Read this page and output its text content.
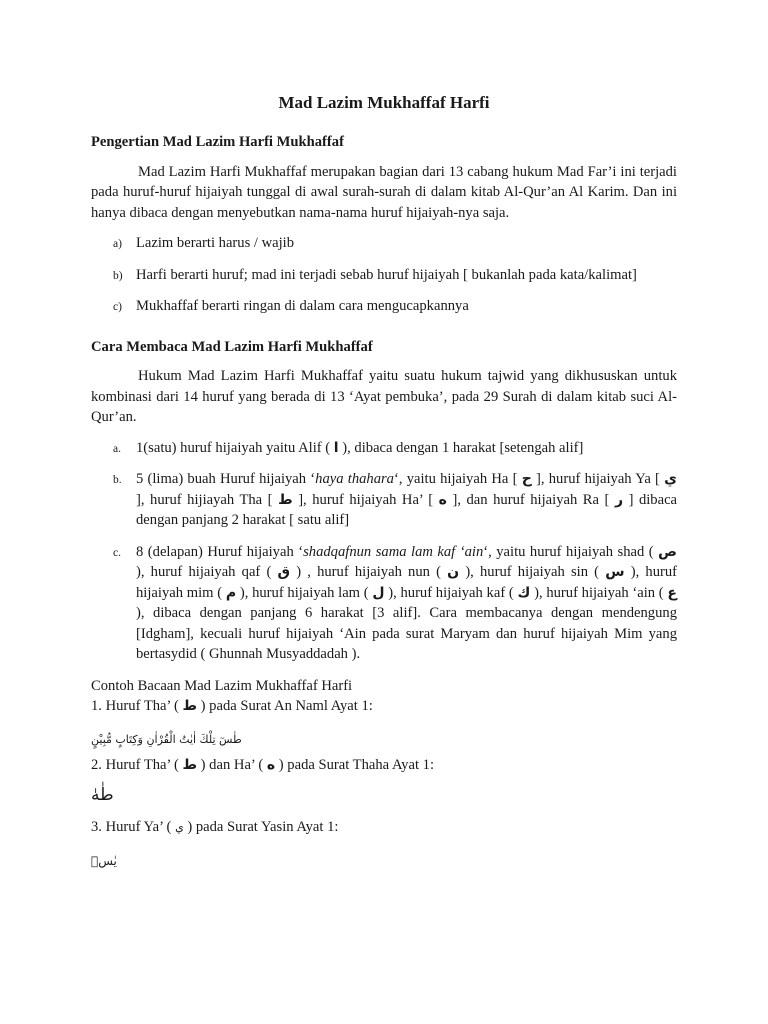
Mad Lazim Mukhaffaf Harfi

Pengertian Mad Lazim Harfi Mukhaffaf

Mad Lazim Harfi Mukhaffaf merupakan bagian dari 13 cabang hukum Mad Far’i ini terjadi pada huruf-huruf hijaiyah tunggal di awal surah-surah di dalam kitab Al-Qur’an Al Karim. Dan ini hanya dibaca dengan menyebutkan nama-nama huruf hijaiyah-nya saja.

a) Lazim berarti harus / wajib
b) Harfi berarti huruf; mad ini terjadi sebab huruf hijaiyah [ bukanlah pada kata/kalimat]
c) Mukhaffaf berarti ringan di dalam cara mengucapkannya

Cara Membaca Mad Lazim Harfi Mukhaffaf

Hukum Mad Lazim Harfi Mukhaffaf yaitu suatu hukum tajwid yang dikhususkan untuk kombinasi dari 14 huruf yang berada di 13 ‘Ayat pembuka’, pada 29 Surah di dalam kitab suci Al-Qur’an.

a. 1(satu) huruf hijaiyah yaitu Alif ( ا ), dibaca dengan 1 harakat [setengah alif]
b. 5 (lima) buah Huruf hijaiyah ‘haya thahara‘, yaitu hijaiyah Ha [ ح ], huruf hijaiyah Ya [ ي ], huruf hijiayah Tha [ ط ], huruf hijaiyah Ha’ [ ه ], dan huruf hijaiyah Ra [ ر ] dibaca dengan panjang 2 harakat [ satu alif]
c. 8 (delapan) Huruf hijaiyah ‘shadqafnun sama lam kaf ‘ain‘, yaitu huruf hijaiyah shad ( ص ), huruf hijaiyah qaf ( ق ) , huruf hijaiyah nun ( ن ), huruf hijaiyah sin ( س ), huruf hijaiyah mim ( م ), huruf hijaiyah lam ( ل ), huruf hijaiyah kaf ( ك ), huruf hijaiyah ‘ain ( ع ), dibaca dengan panjang 6 harakat [3 alif]. Cara membacanya dengan mendengung [Idgham], kecuali huruf hijaiyah ‘Ain pada surat Maryam dan huruf hijaiyah Mim yang bertasydid ( Ghunnah Musyaddadah ).

Contoh Bacaan Mad Lazim Mukhaffaf Harfi

1. Huruf Tha’ ( ط ) pada Surat An Naml Ayat 1:

طٰسٓ تِلْكَ اٰيٰتُ الْقُرْاٰنِ وَكِتَابٍ مُّبِيْنٍ

2. Huruf Tha’ ( ط ) dan Ha’ ( ه ) pada Surat Thaha Ayat 1:

طٰهٰ

3. Huruf Ya’ ( ي ) pada Surat Yasin Ayat 1:

يٰسۤ
